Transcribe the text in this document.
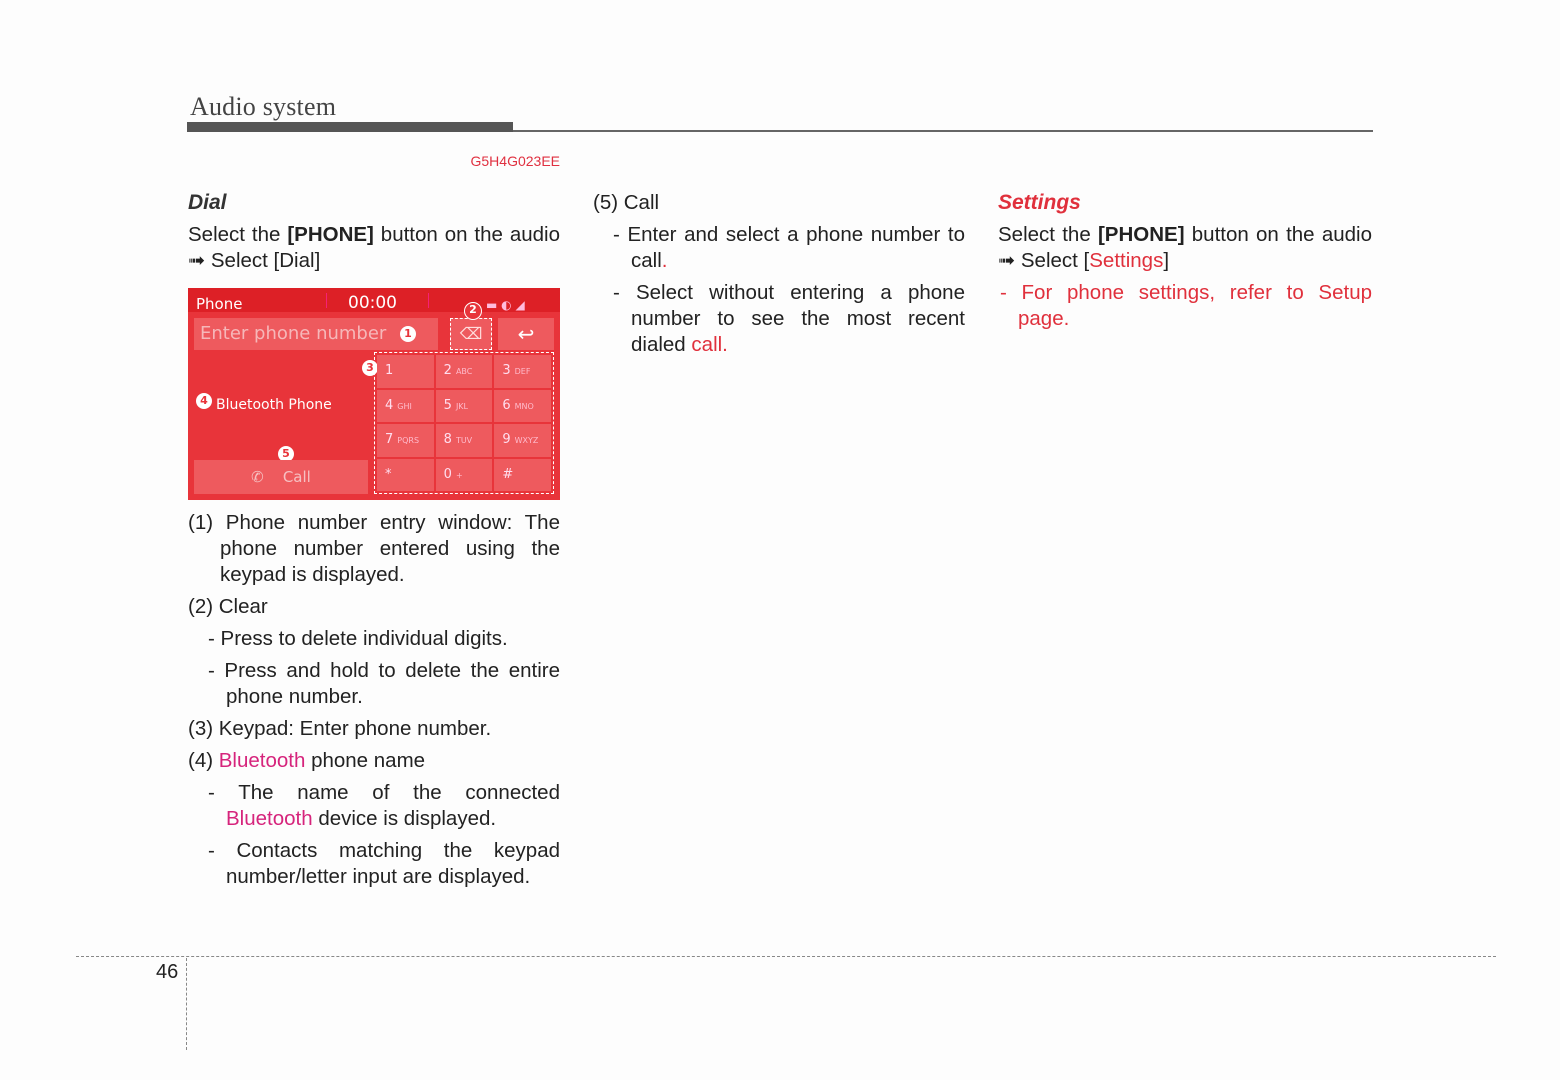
Audio system
G5H4G023EE
Dial

Select the [PHONE] button on the audio ➟ Select [Dial]

Phone	00:00	▬ ◐ ◢
Enter phone number	1	⌫
2
↩
4 Bluetooth Phone
5
✆ Call
3 1	2 ABC	3 DEF
4 GHI	5 JKL	6 MNO
7 PQRS	8 TUV	9 WXYZ
*	0 +	#
(1) Phone number entry window: The phone number entered using the keypad is displayed.
(2) Clear
- Press to delete individual digits.
- Press and hold to delete the entire phone number.
(3) Keypad: Enter phone number.
(4) Bluetooth phone name
- The name of the connected Bluetooth device is displayed.
- Contacts matching the keypad number/letter input are displayed.
(5) Call
- Enter and select a phone number to call.
- Select without entering a phone number to see the most recent dialed call.
Settings

Select the [PHONE] button on the audio ➟ Select [Settings]

- For phone settings, refer to Setup page.
46
